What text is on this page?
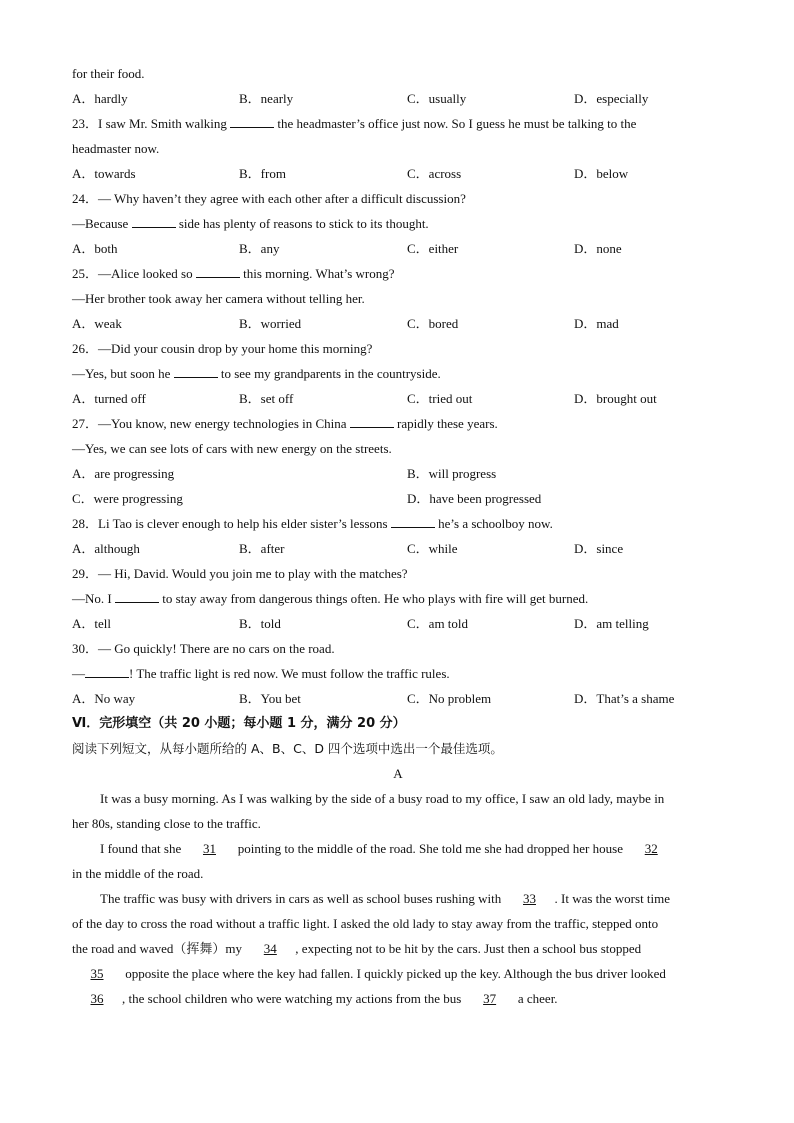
for their food.
A．hardly	B．nearly	C．usually	D．especially
23．I saw Mr. Smith walking	the headmaster’s office just now. So I guess he must be talking to the
headmaster now.
A．towards	B．from	C．across	D．below
24．— Why haven’t they agree with each other after a difficult discussion?
—Because	side has plenty of reasons to stick to its thought.
A．both	B．any	C．either	D．none
25．—Alice looked so	this morning. What’s wrong?
—Her brother took away her camera without telling her.
A．weak	B．worried	C．bored	D．mad
26．—Did your cousin drop by your home this morning?
—Yes, but soon he	to see my grandparents in the countryside.
A．turned off	B．set off	C．tried out	D．brought out
27．—You know, new energy technologies in China	rapidly these years.
—Yes, we can see lots of cars with new energy on the streets.
A．are progressing	B．will progress
C．were progressing	D．have been progressed
28．Li Tao is clever enough to help his elder sister’s lessons	he’s a schoolboy now.
A．although	B．after	C．while	D．since
29．— Hi, David. Would you join me to play with the matches?
—No. I	to stay away from dangerous things often. He who plays with fire will get burned.
A．tell	B．told	C．am told	D．am telling
30．— Go quickly! There are no cars on the road.
—	! The traffic light is red now. We must follow the traffic rules.
A．No way	B．You bet	C．No problem	D．That’s a shame
Ⅵ．完形填空（共 20 小题；每小题 1 分，满分 20 分）
阅读下列短文，从每小题所给的 A、B、C、D 四个选项中选出一个最佳选项。
A
It was a busy morning. As I was walking by the side of a busy road to my office, I saw an old lady, maybe in
her 80s, standing close to the traffic.
I found that she 31 pointing to the middle of the road. She told me she had dropped her house 32
in the middle of the road.
The traffic was busy with drivers in cars as well as school buses rushing with 33 . It was the worst time
of the day to cross the road without a traffic light. I asked the old lady to stay away from the traffic, stepped onto
the road and waved（挥舞）my 34 , expecting not to be hit by the cars. Just then a school bus stopped
35 opposite the place where the key had fallen. I quickly picked up the key. Although the bus driver looked
36 , the school children who were watching my actions from the bus 37 a cheer.
